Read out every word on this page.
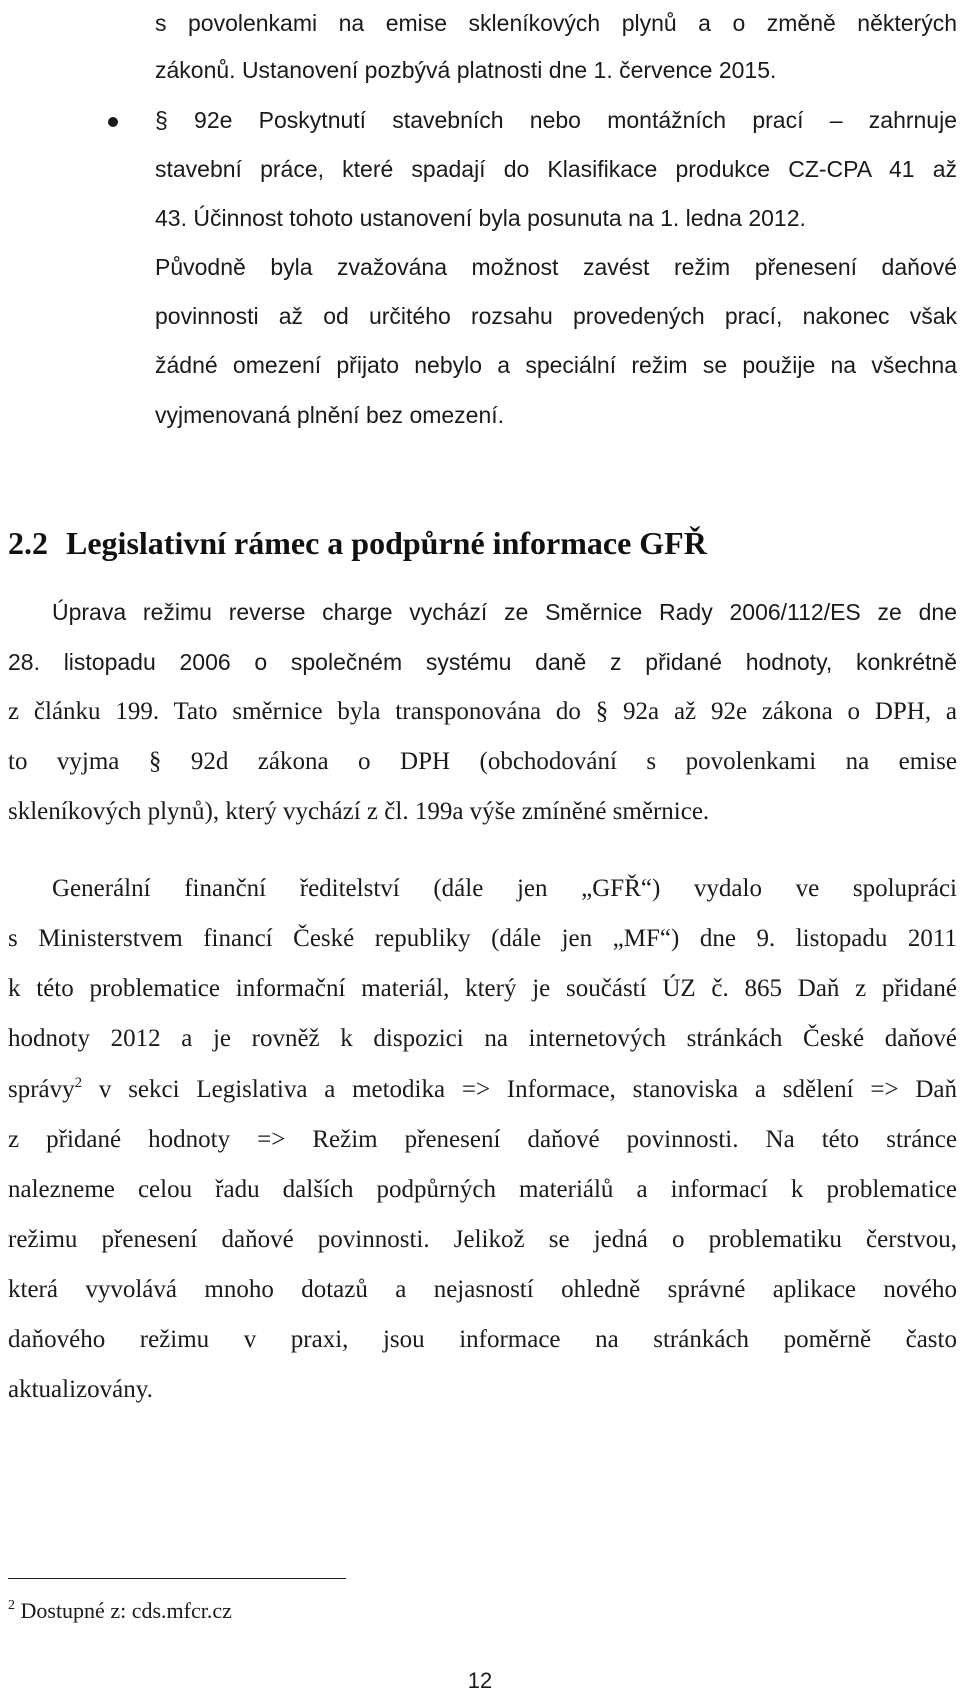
s povolenkami na emise skleníkových plynů a o změně některých

zákonů. Ustanovení pozbývá platnosti dne 1. července 2015.

§ 92e Poskytnutí stavebních nebo montážních prací – zahrnuje

stavební práce, které spadají do Klasifikace produkce CZ-CPA 41 až

43. Účinnost tohoto ustanovení byla posunuta na 1. ledna 2012.

Původně byla zvažována možnost zavést režim přenesení daňové

povinnosti až od určitého rozsahu provedených prací, nakonec však

žádné omezení přijato nebylo a speciální režim se použije na všechna

vyjmenovaná plnění bez omezení.

2.2 Legislativní rámec a podpůrné informace GFŘ

Úprava režimu reverse charge vychází ze Směrnice Rady 2006/112/ES ze dne

28. listopadu 2006 o společném systému daně z přidané hodnoty, konkrétně

z článku 199. Tato směrnice byla transponována do § 92a až 92e zákona o DPH, a

to vyjma § 92d zákona o DPH (obchodování s povolenkami na emise

skleníkových plynů), který vychází z čl. 199a výše zmíněné směrnice.

Generální finanční ředitelství (dále jen „GFŘ“) vydalo ve spolupráci

s Ministerstvem financí České republiky (dále jen „MF“) dne 9. listopadu 2011

k této problematice informační materiál, který je součástí ÚZ č. 865 Daň z přidané

hodnoty 2012 a je rovněž k dispozici na internetových stránkách České daňové

správy$^2$ v sekci Legislativa a metodika => Informace, stanoviska a sdělení => Daň

z přidané hodnoty => Režim přenesení daňové povinnosti. Na této stránce

nalezneme celou řadu dalších podpůrných materiálů a informací k problematice

režimu přenesení daňové povinnosti. Jelikož se jedná o problematiku čerstvou,

která vyvolává mnoho dotazů a nejasností ohledně správné aplikace nového

daňového režimu v praxi, jsou informace na stránkách poměrně často

aktualizovány.

$^2$ Dostupné z: cds.mfcr.cz

12
